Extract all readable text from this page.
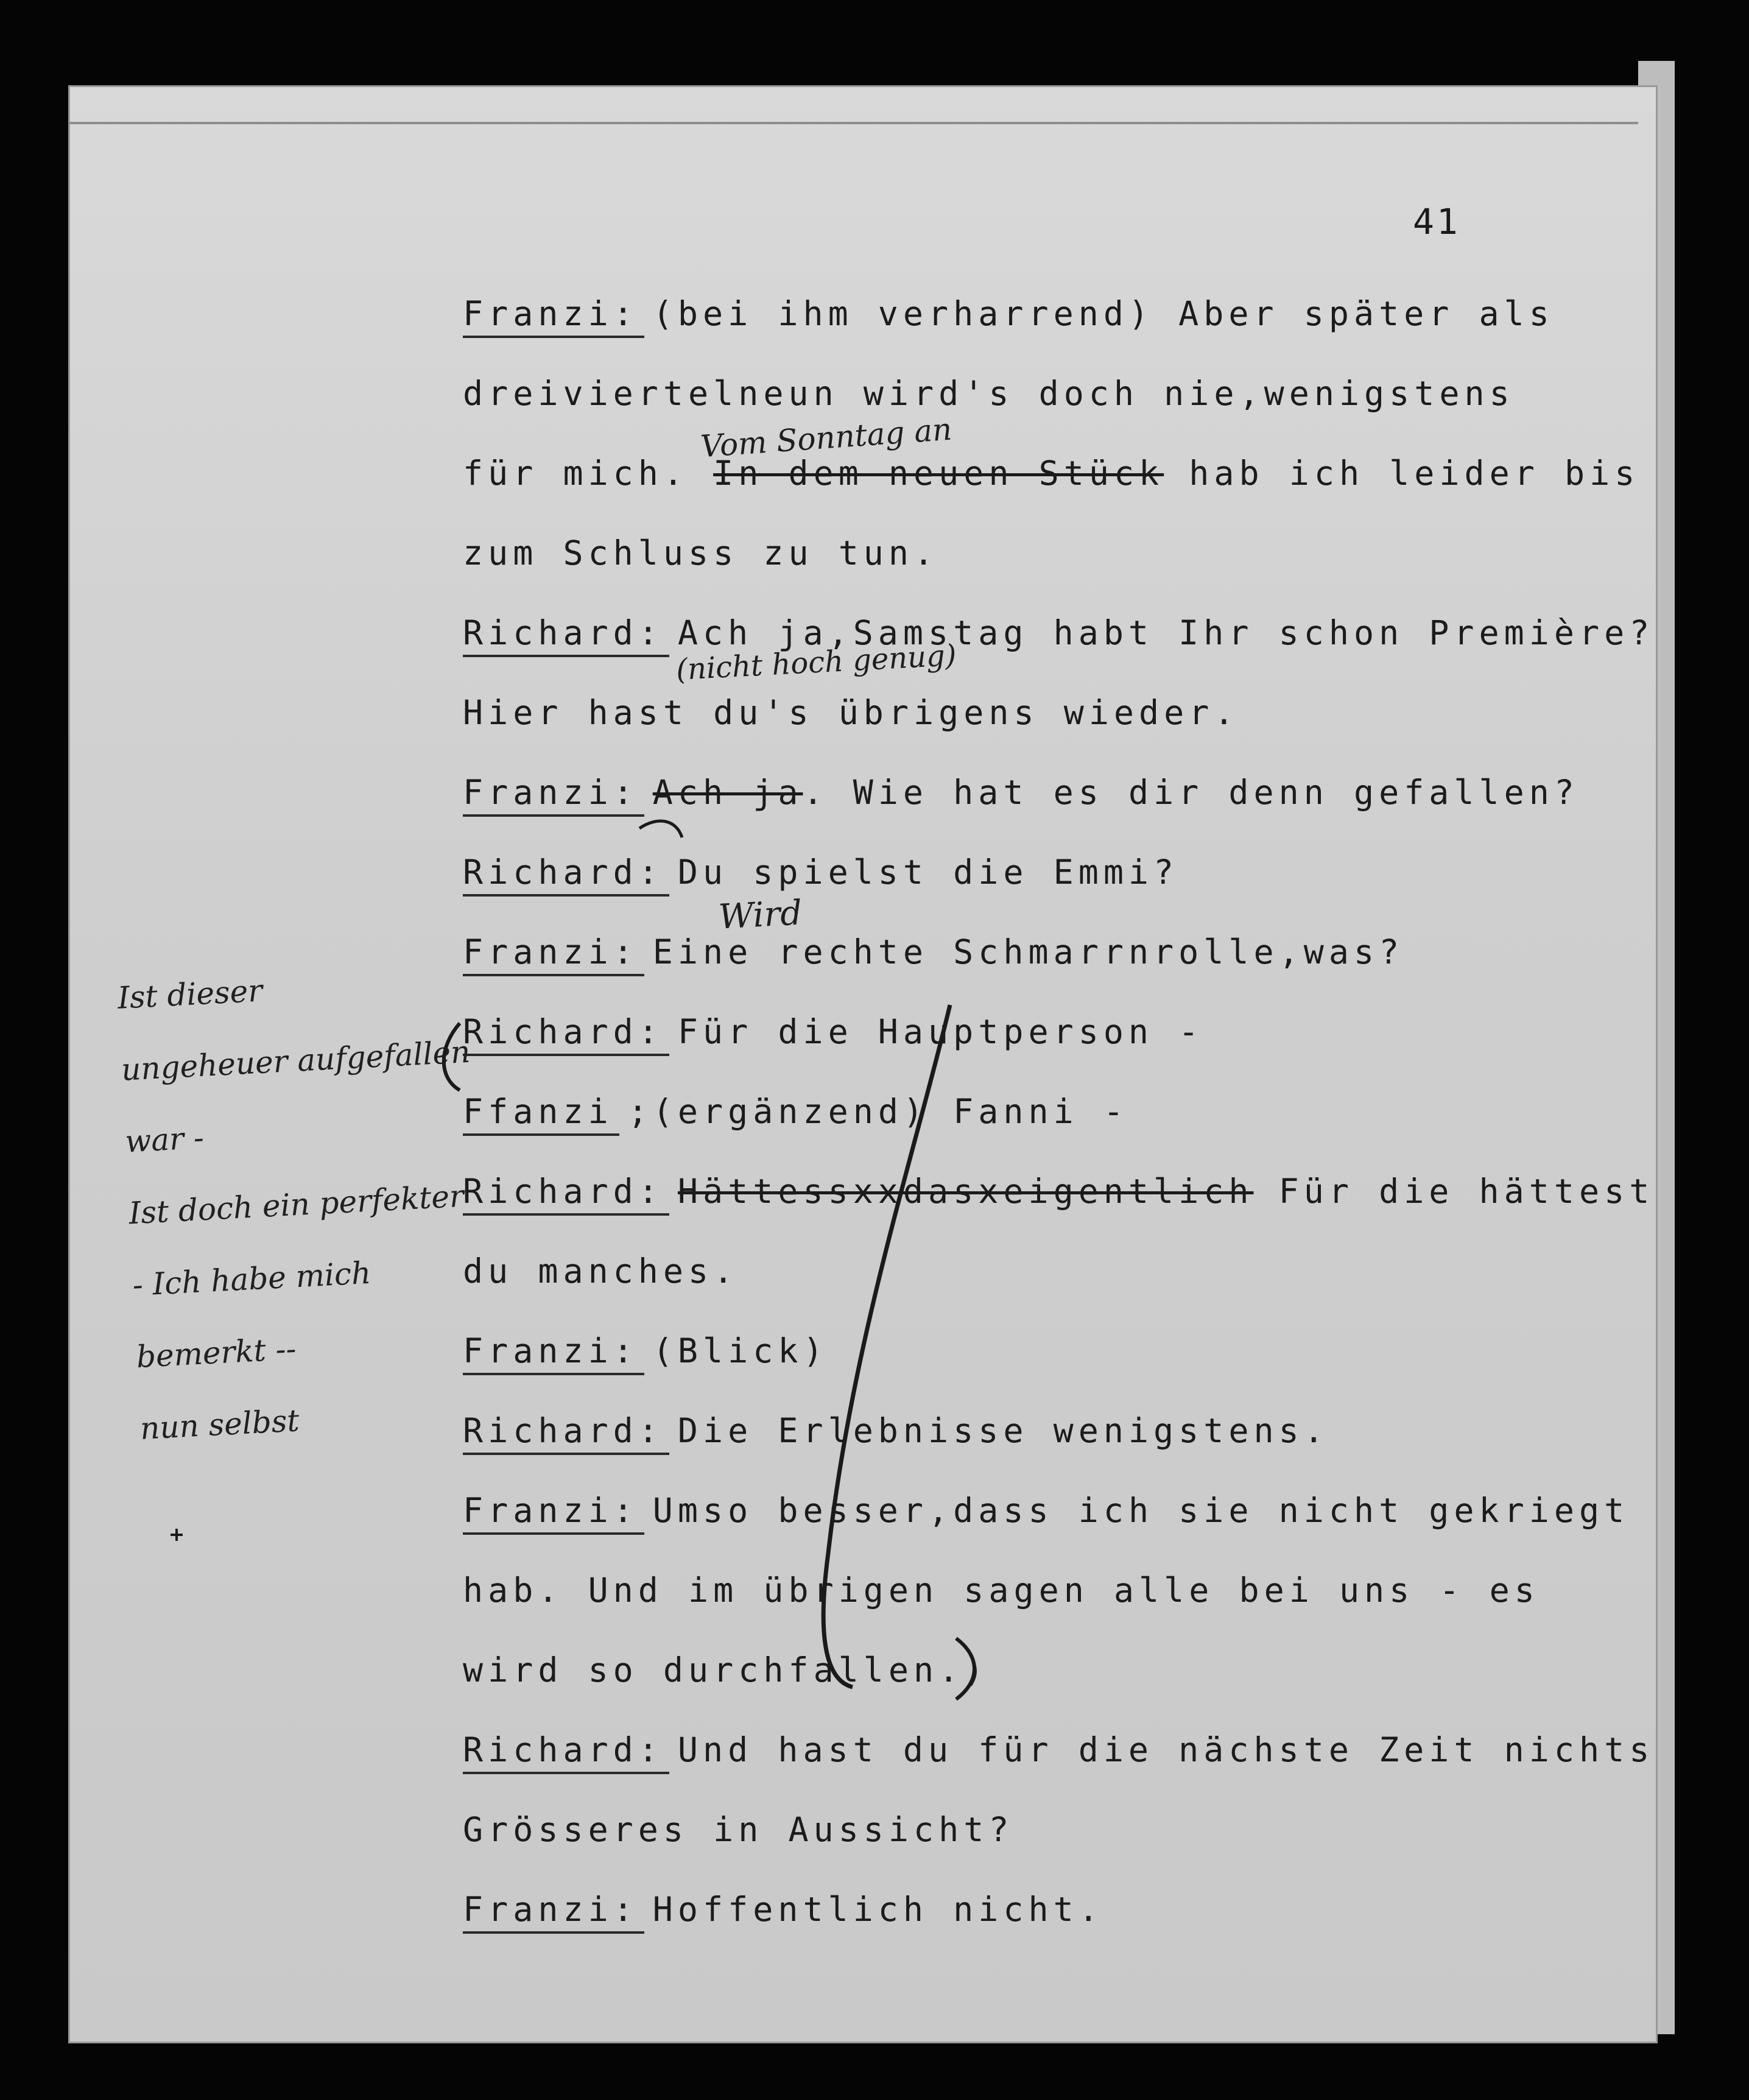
41
Franzi: (bei ihm verharrend) Aber später als
dreiviertelneun wird's doch nie,wenigstens
für mich. In dem neuen Stück hab ich leider bis
zum Schluss zu tun.
Richard: Ach ja,Samstag habt Ihr schon Première?
Hier hast du's übrigens wieder.
Franzi: Ach ja. Wie hat es dir denn gefallen?
Richard: Du spielst die Emmi?
Franzi: Eine rechte Schmarrnrolle,was?
Richard: Für die Hauptperson -
Ffanzi ;(ergänzend) Fanni -
Richard: Hättessxxdasxeigentlich Für die hättest
du manches.
Franzi: (Blick)
Richard: Die Erlebnisse wenigstens.
Franzi: Umso besser,dass ich sie nicht gekriegt
hab. Und im übrigen sagen alle bei uns - es
wird so durchfallen.)
Richard: Und hast du für die nächste Zeit nichts
Grösseres in Aussicht?
Franzi: Hoffentlich nicht.
Vom Sonntag an
(nicht hoch genug)
Wird
Ist dieser
ungeheuer aufgefallen
war -
Ist doch ein perfekter
- Ich habe mich
bemerkt --
nun selbst
